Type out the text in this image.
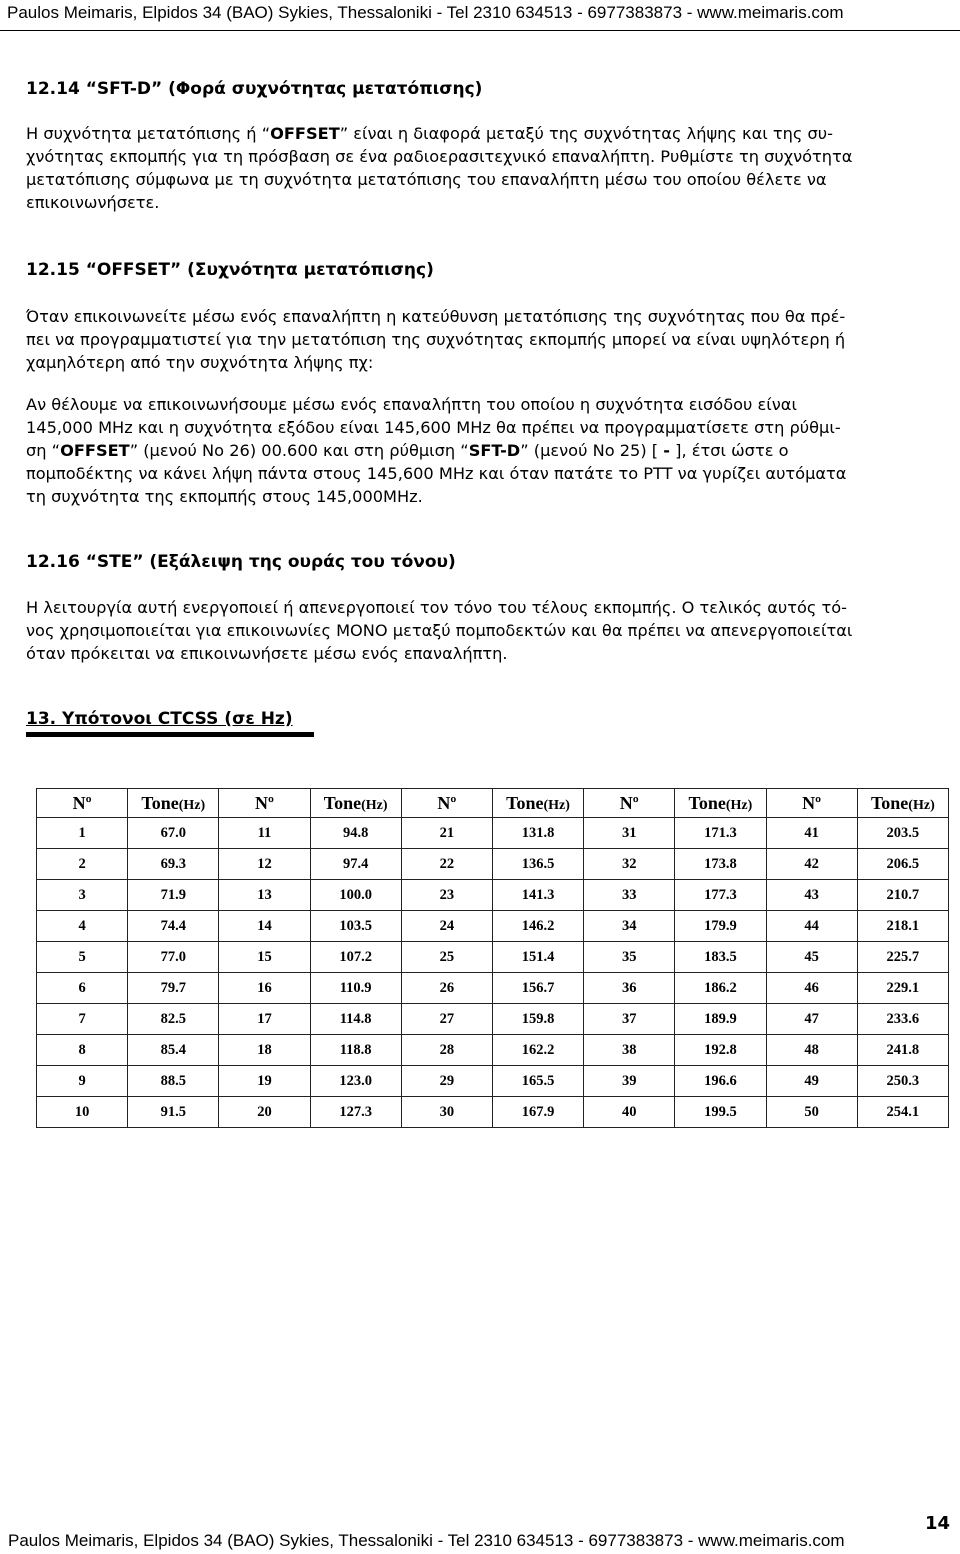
Paulos Meimaris, Elpidos 34 (BAO) Sykies, Thessaloniki - Tel 2310 634513 - 6977383873 - www.meimaris.com
12.14 “SFT-D” (Φορά συχνότητας μετατόπισης)
Η συχνότητα μετατόπισης ή “OFFSET” είναι η διαφορά μεταξύ της συχνότητας λήψης και της συ-
χνότητας εκπομπής για τη πρόσβαση σε ένα ραδιοερασιτεχνικό επαναλήπτη. Ρυθμίστε τη συχνότητα
μετατόπισης σύμφωνα με τη συχνότητα μετατόπισης του επαναλήπτη μέσω του οποίου θέλετε να
επικοινωνήσετε.
12.15 “OFFSET” (Συχνότητα μετατόπισης)
Όταν επικοινωνείτε μέσω ενός επαναλήπτη η κατεύθυνση μετατόπισης της συχνότητας που θα πρέ-
πει να προγραμματιστεί για την μετατόπιση της συχνότητας εκπομπής μπορεί να είναι υψηλότερη ή
χαμηλότερη από την συχνότητα λήψης πχ:
Αν θέλουμε να επικοινωνήσουμε μέσω ενός επαναλήπτη του οποίου η συχνότητα εισόδου είναι
145,000 MHz και η συχνότητα εξόδου είναι 145,600 MHz θα πρέπει να προγραμματίσετε στη ρύθμι-
ση “OFFSET” (μενού No 26) 00.600 και στη ρύθμιση “SFT-D” (μενού No 25) [ - ], έτσι ώστε ο
πομποδέκτης να κάνει λήψη πάντα στους 145,600 MHz και όταν πατάτε το PTT να γυρίζει αυτόματα
τη συχνότητα της εκπομπής στους 145,000MHz.
12.16 “STE” (Εξάλειψη της ουράς του τόνου)
Η λειτουργία αυτή ενεργοποιεί ή απενεργοποιεί τον τόνο του τέλους εκπομπής. Ο τελικός αυτός τό-
νος χρησιμοποιείται για επικοινωνίες ΜΟΝΟ μεταξύ πομποδεκτών και θα πρέπει να απενεργοποιείται
όταν πρόκειται να επικοινωνήσετε μέσω ενός επαναλήπτη.
13. Υπότονοι CTCSS (σε Hz)
Nº	Tone(Hz)	Nº	Tone(Hz)	Nº	Tone(Hz)	Nº	Tone(Hz)	Nº	Tone(Hz)
1	67.0	11	94.8	21	131.8	31	171.3	41	203.5
2	69.3	12	97.4	22	136.5	32	173.8	42	206.5
3	71.9	13	100.0	23	141.3	33	177.3	43	210.7
4	74.4	14	103.5	24	146.2	34	179.9	44	218.1
5	77.0	15	107.2	25	151.4	35	183.5	45	225.7
6	79.7	16	110.9	26	156.7	36	186.2	46	229.1
7	82.5	17	114.8	27	159.8	37	189.9	47	233.6
8	85.4	18	118.8	28	162.2	38	192.8	48	241.8
9	88.5	19	123.0	29	165.5	39	196.6	49	250.3
10	91.5	20	127.3	30	167.9	40	199.5	50	254.1
14
Paulos Meimaris, Elpidos 34 (BAO) Sykies, Thessaloniki - Tel 2310 634513 - 6977383873 - www.meimaris.com
